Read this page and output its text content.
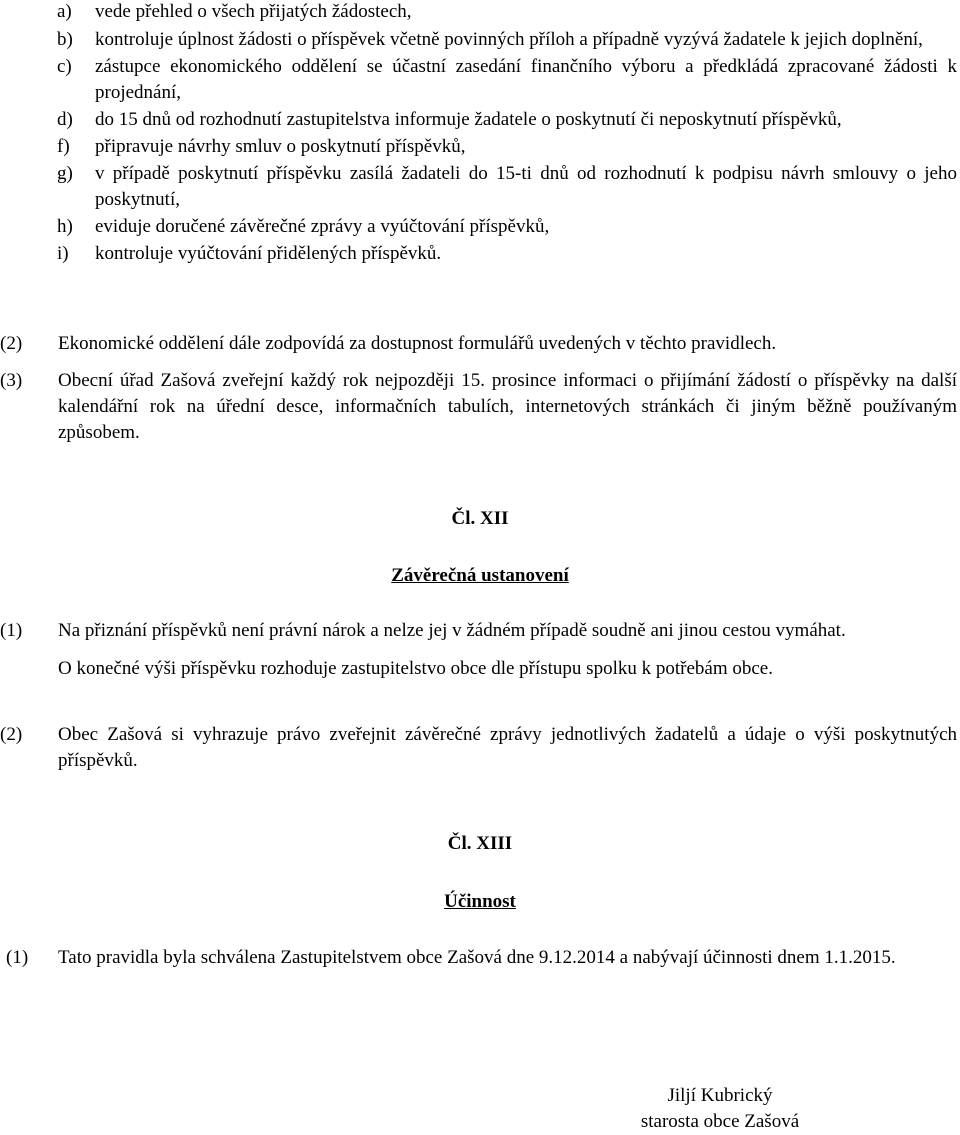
a) vede přehled o všech přijatých žádostech,
b) kontroluje úplnost žádosti o příspěvek včetně povinných příloh a případně vyzývá žadatele k jejich doplnění,
c) zástupce ekonomického oddělení se účastní zasedání finančního výboru a předkládá zpracované žádosti k projednání,
d) do 15 dnů od rozhodnutí zastupitelstva informuje žadatele o poskytnutí či neposkytnutí příspěvků,
f) připravuje návrhy smluv o poskytnutí příspěvků,
g) v případě poskytnutí příspěvku zasílá žadateli do 15-ti dnů od rozhodnutí k podpisu návrh smlouvy o jeho poskytnutí,
h) eviduje doručené závěrečné zprávy a vyúčtování příspěvků,
i) kontroluje vyúčtování přidělených příspěvků.
(2) Ekonomické oddělení dále zodpovídá za dostupnost formulářů uvedených v těchto pravidlech.
(3) Obecní úřad Zašová zveřejní každý rok nejpozději 15. prosince informaci o přijímání žádostí o příspěvky na další kalendářní rok na úřední desce, informačních tabulích, internetových stránkách či jiným běžně používaným způsobem.
Čl. XII
Závěrečná ustanovení
(1) Na přiznání příspěvků není právní nárok a nelze jej v žádném případě soudně ani jinou cestou vymáhat.
O konečné výši příspěvku rozhoduje zastupitelstvo obce dle přístupu spolku k potřebám obce.
(2) Obec Zašová si vyhrazuje právo zveřejnit závěrečné zprávy jednotlivých žadatelů a údaje o výši poskytnutých příspěvků.
Čl. XIII
Účinnost
(1) Tato pravidla byla schválena Zastupitelstvem obce Zašová dne 9.12.2014 a nabývají účinnosti dnem 1.1.2015.
Jiljí Kubrický
starosta obce Zašová
